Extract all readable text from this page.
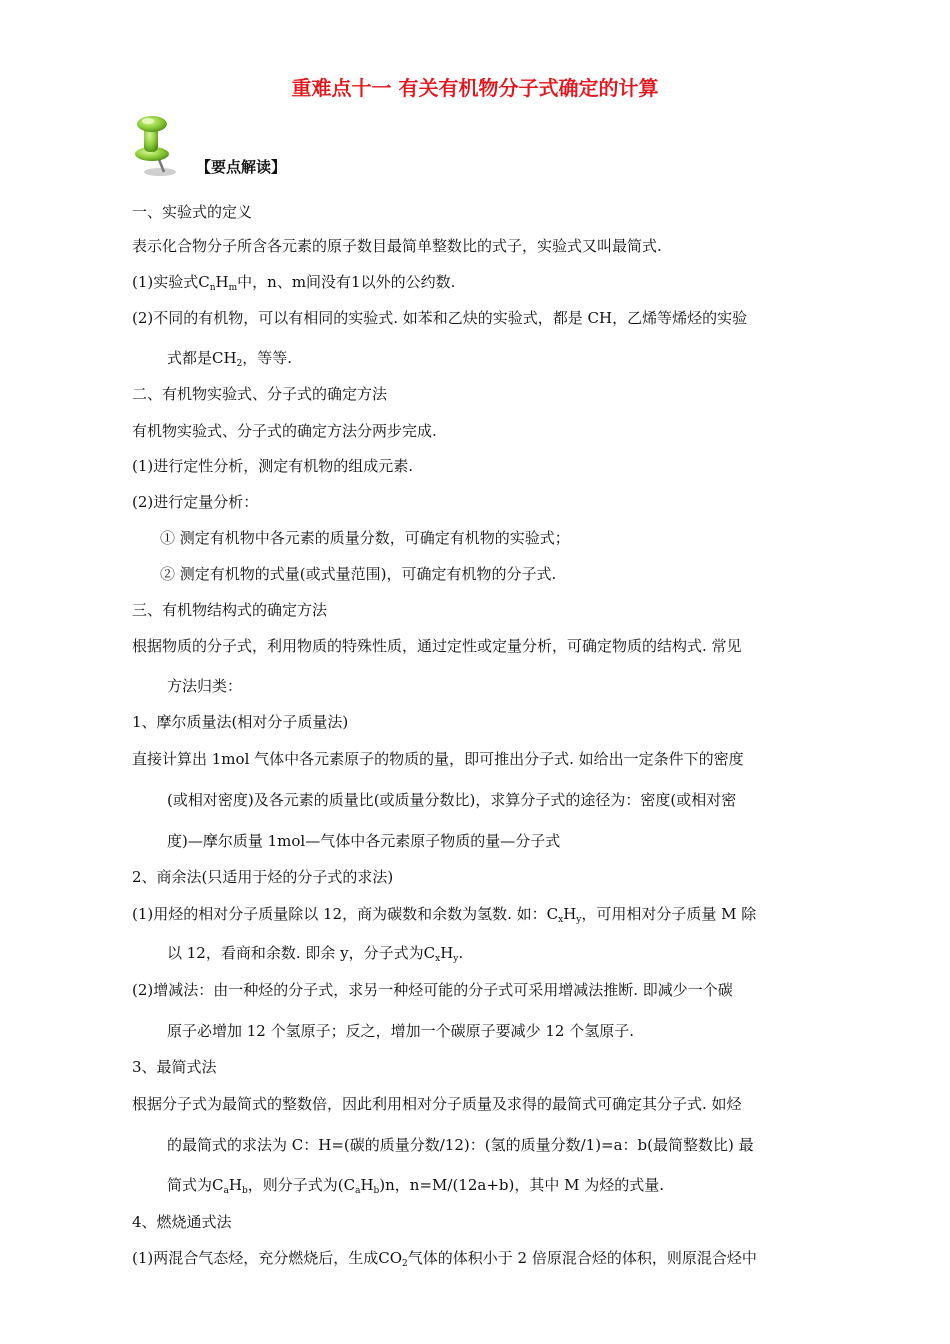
重难点十一 有关有机物分子式确定的计算
【要点解读】
一、实验式的定义
表示化合物分子所含各元素的原子数目最简单整数比的式子，实验式又叫最简式.
(1)实验式$C_nH_m$中，n、m间没有1以外的公约数.
(2)不同的有机物，可以有相同的实验式. 如苯和乙炔的实验式，都是 CH，乙烯等烯烃的实验
式都是$CH_2$，等等.
二、有机物实验式、分子式的确定方法
有机物实验式、分子式的确定方法分两步完成.
(1)进行定性分析，测定有机物的组成元素.
(2)进行定量分析：
① 测定有机物中各元素的质量分数，可确定有机物的实验式；
② 测定有机物的式量(或式量范围)，可确定有机物的分子式.
三、有机物结构式的确定方法
根据物质的分子式，利用物质的特殊性质，通过定性或定量分析，可确定物质的结构式. 常见
方法归类：
1、摩尔质量法(相对分子质量法)
直接计算出 1mol 气体中各元素原子的物质的量，即可推出分子式. 如给出一定条件下的密度
(或相对密度)及各元素的质量比(或质量分数比)，求算分子式的途径为：密度(或相对密
度)—摩尔质量 1mol—气体中各元素原子物质的量—分子式
2、商余法(只适用于烃的分子式的求法)
(1)用烃的相对分子质量除以 12，商为碳数和余数为氢数. 如：$C_xH_y$，可用相对分子质量 M 除
以 12，看商和余数. 即余 y，分子式为$C_xH_y$.
(2)增减法：由一种烃的分子式，求另一种烃可能的分子式可采用增减法推断. 即减少一个碳
原子必增加 12 个氢原子；反之，增加一个碳原子要减少 12 个氢原子.
3、最简式法
根据分子式为最简式的整数倍，因此利用相对分子质量及求得的最简式可确定其分子式. 如烃
的最简式的求法为 C：H=(碳的质量分数/12)：(氢的质量分数/1)=a：b(最简整数比) 最
简式为$C_aH_b$，则分子式为$(C_aH_b)n$，n=M/(12a+b)，其中 M 为烃的式量.
4、燃烧通式法
(1)两混合气态烃，充分燃烧后，生成$CO_2$气体的体积小于 2 倍原混合烃的体积，则原混合烃中
